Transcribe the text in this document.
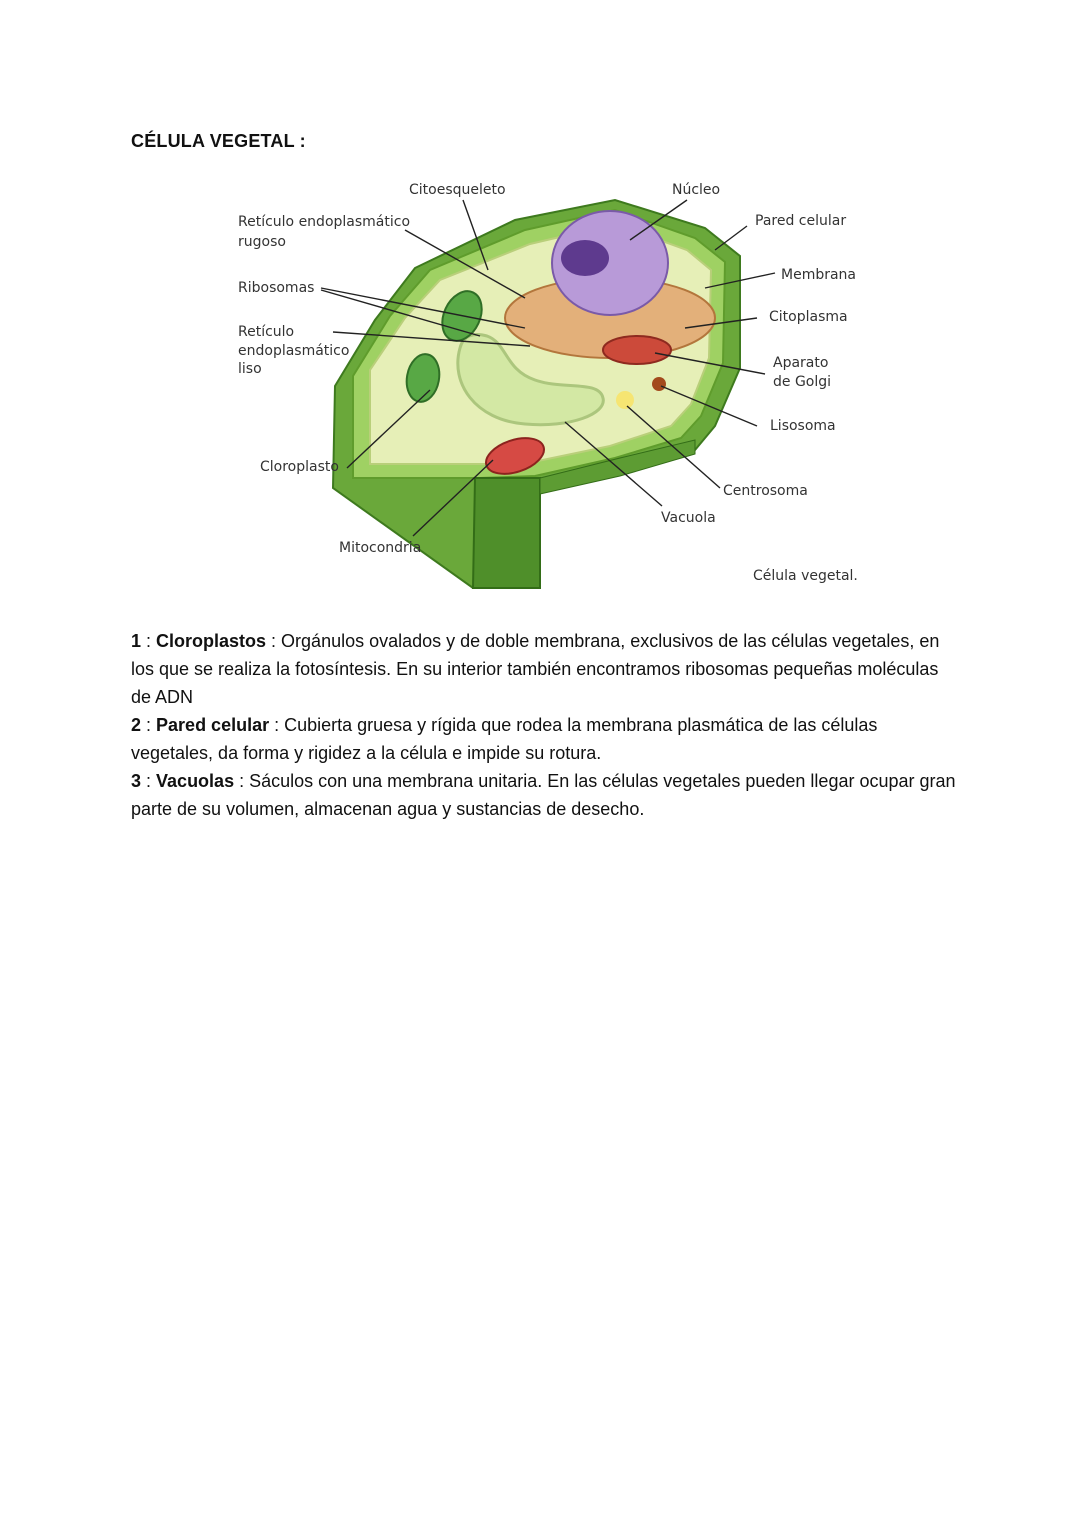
CÉLULA VEGETAL :
Citoesqueleto	Núcleo
Retículo endoplasmático
rugoso
Pared celular
Membrana
Ribosomas
Citoplasma
Retículo
endoplasmático
liso	Aparato
de Golgi
Lisosoma
Cloroplasto
Centrosoma
Vacuola
Mitocondria
Célula vegetal.

1 : Cloroplastos : Orgánulos ovalados y de doble membrana, exclusivos de las células vegetales, en los que se realiza la fotosíntesis. En su interior también encontramos ribosomas pequeñas moléculas de ADN

2 : Pared celular : Cubierta gruesa y rígida que rodea la membrana plasmática de las células vegetales, da forma y rigidez a la célula e impide su rotura.

3 : Vacuolas : Sáculos con una membrana unitaria. En las células vegetales pueden llegar ocupar gran parte de su volumen, almacenan agua y sustancias de desecho.
